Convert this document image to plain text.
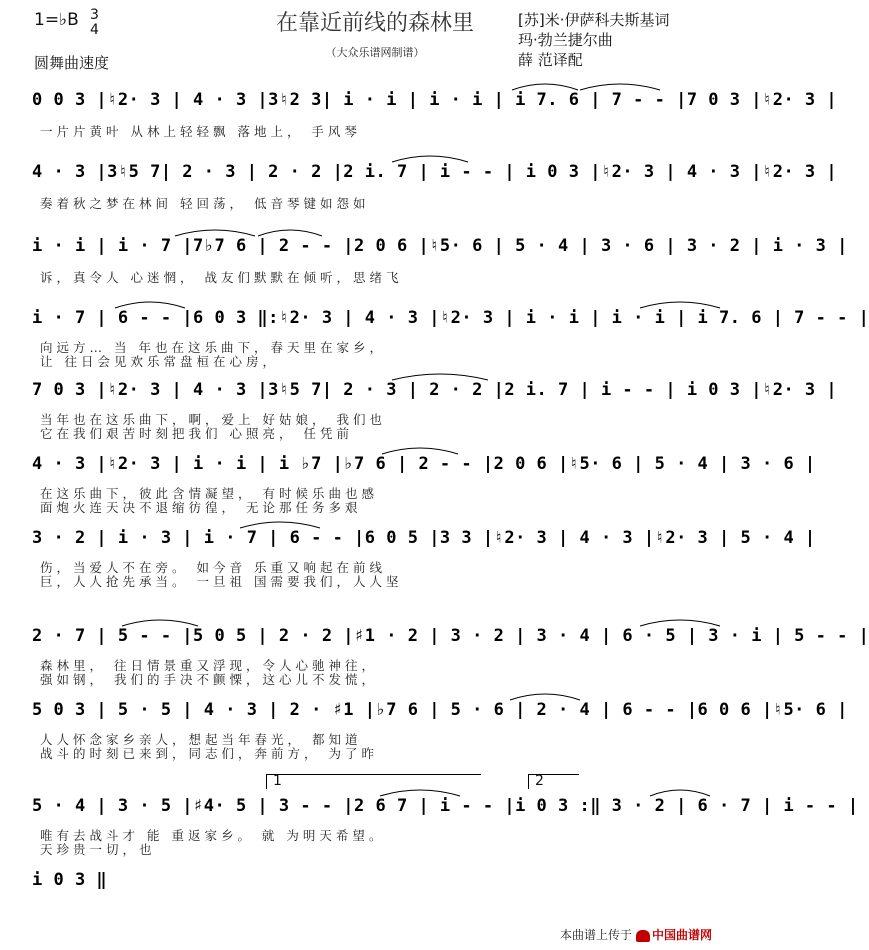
在靠近前线的森林里
（大众乐谱网制谱）
1=♭B 3
4
圆舞曲速度
[苏]米·伊萨科夫斯基词
玛·勃兰捷尔曲
薛 范译配
0 0 3 |♮2· 3 | 4 · 3 |3♮2 3| i · i | i · i | i 7. 6 | 7 - - |7 0 3 |♮2· 3 |
一片片黄叶 从林上轻轻飘 落地上， 手风琴
4 · 3 |3♮5 7| 2 · 3 | 2 · 2 |2 i. 7 | i - - | i 0 3 |♮2· 3 | 4 · 3 |♮2· 3 |
奏着秋之梦在林间 轻回荡， 低音琴键如怨如
i · i | i · 7 |7♭7 6 | 2 - - |2 0 6 |♮5· 6 | 5 · 4 | 3 · 6 | 3 · 2 | i · 3 |
诉，真令人 心迷惘， 战友们默默在倾听，思绪飞
i · 7 | 6 - - |6 0 3 ‖:♮2· 3 | 4 · 3 |♮2· 3 | i · i | i · i | i 7. 6 | 7 - - |
向远方… 当 年也在这乐曲下，春天里在家乡，
让 往日会见欢乐常盘桓在心房，
7 0 3 |♮2· 3 | 4 · 3 |3♮5 7| 2 · 3 | 2 · 2 |2 i. 7 | i - - | i 0 3 |♮2· 3 |
当年也在这乐曲下，啊，爱上 好姑娘， 我们也
它在我们艰苦时刻把我们 心照亮， 任凭前
4 · 3 |♮2· 3 | i · i | i ♭7 |♭7 6 | 2 - - |2 0 6 |♮5· 6 | 5 · 4 | 3 · 6 |
在这乐曲下，彼此含情凝望， 有时候乐曲也感
面炮火连天决不退缩彷徨， 无论那任务多艰
3 · 2 | i · 3 | i · 7 | 6 - - |6 0 5 |3 3 |♮2· 3 | 4 · 3 |♮2· 3 | 5 · 4 |
伤，当爱人不在旁。 如今音 乐重又响起在前线
巨，人人抢先承当。 一旦祖 国需要我们，人人坚
2 · 7 | 5 - - |5 0 5 | 2 · 2 |♯1 · 2 | 3 · 2 | 3 · 4 | 6 · 5 | 3 · i | 5 - - |
森林里， 往日情景重又浮现，令人心驰神往，
强如钢， 我们的手决不颤慄，这心儿不发慌，
5 0 3 | 5 · 5 | 4 · 3 | 2 · ♯1 |♭7 6 | 5 · 6 | 2 · 4 | 6 - - |6 0 6 |♮5· 6 |
人人怀念家乡亲人，想起当年春光， 都知道
战斗的时刻已来到，同志们，奔前方， 为了昨
1	2
5 · 4 | 3 · 5 |♯4· 5 | 3 - - |2 6 7 | i - - |i 0 3 :‖ 3 · 2 | 6 · 7 | i - - |
唯有去战斗才 能 重返家乡。 就 为明天希望。
天珍贵一切，也
i 0 3 ‖
本曲谱上传于 中国曲谱网
